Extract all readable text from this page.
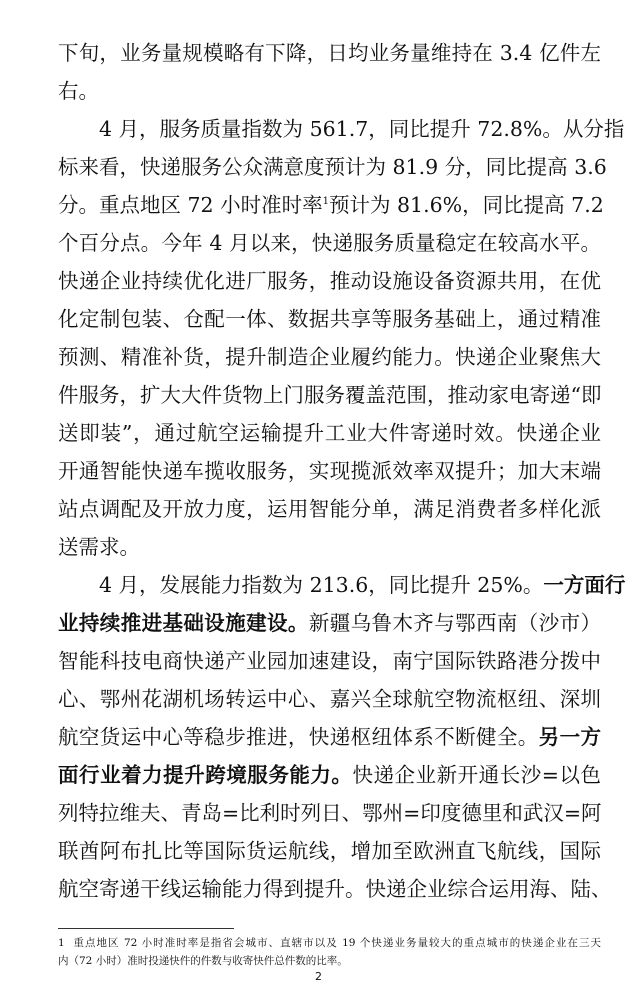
下旬，业务量规模略有下降，日均业务量维持在 3.4 亿件左
右。
4 月，服务质量指数为 561.7，同比提升 72.8%。从分指
标来看，快递服务公众满意度预计为 81.9 分，同比提高 3.6
分。重点地区 72 小时准时率$^1$预计为 81.6%，同比提高 7.2
个百分点。今年 4 月以来，快递服务质量稳定在较高水平。
快递企业持续优化进厂服务，推动设施设备资源共用，在优
化定制包装、仓配一体、数据共享等服务基础上，通过精准
预测、精准补货，提升制造企业履约能力。快递企业聚焦大
件服务，扩大大件货物上门服务覆盖范围，推动家电寄递“即
送即装”，通过航空运输提升工业大件寄递时效。快递企业
开通智能快递车揽收服务，实现揽派效率双提升；加大末端
站点调配及开放力度，运用智能分单，满足消费者多样化派
送需求。
4 月，发展能力指数为 213.6，同比提升 25%。一方面行
业持续推进基础设施建设。新疆乌鲁木齐与鄂西南（沙市）
智能科技电商快递产业园加速建设，南宁国际铁路港分拨中
心、鄂州花湖机场转运中心、嘉兴全球航空物流枢纽、深圳
航空货运中心等稳步推进，快递枢纽体系不断健全。另一方
面行业着力提升跨境服务能力。快递企业新开通长沙=以色
列特拉维夫、青岛=比利时列日、鄂州=印度德里和武汉=阿
联酋阿布扎比等国际货运航线，增加至欧洲直飞航线，国际
航空寄递干线运输能力得到提升。快递企业综合运用海、陆、
1 重点地区 72 小时准时率是指省会城市、直辖市以及 19 个快递业务量较大的重点城市的快递企业在三天
内（72 小时）准时投递快件的件数与收寄快件总件数的比率。
2
